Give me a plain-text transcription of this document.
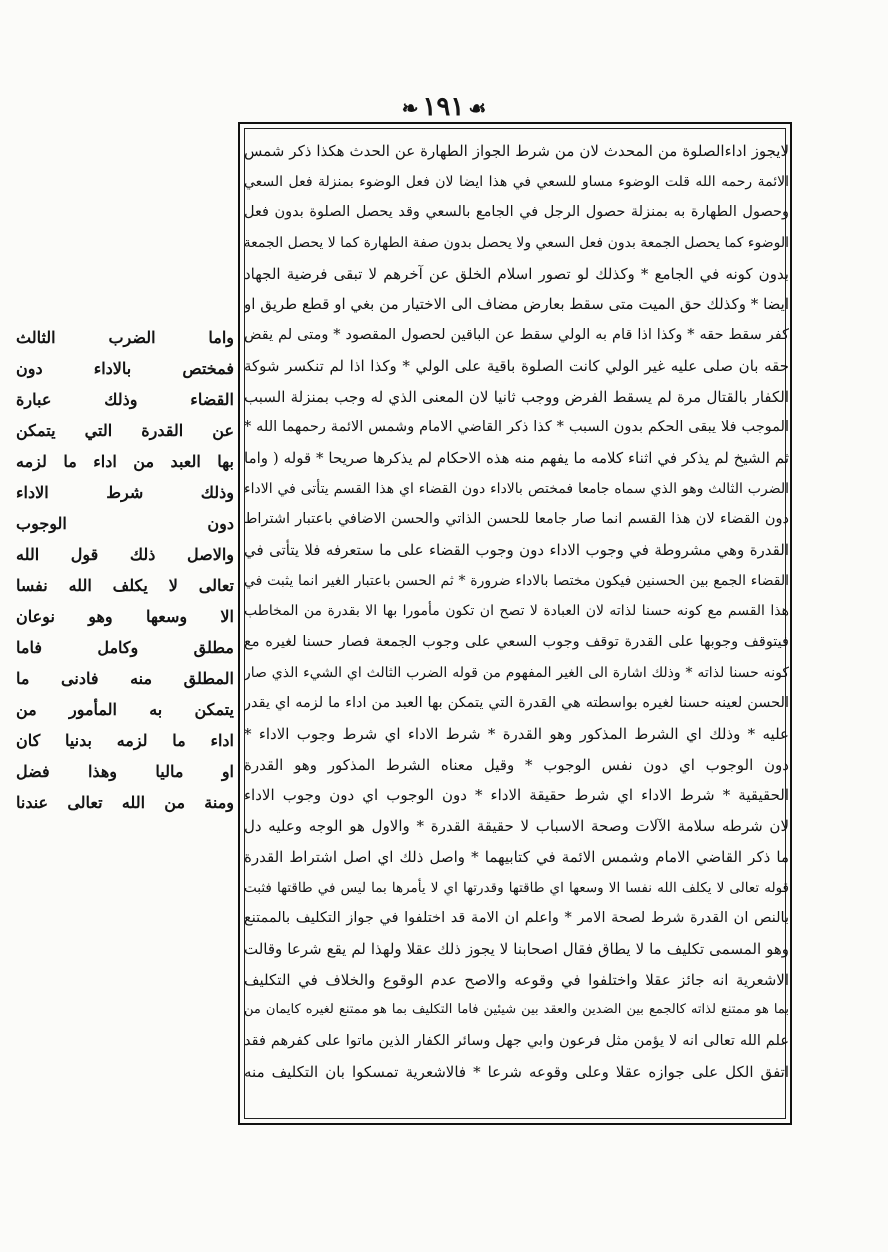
❧ ١٩١ ☙
لايجوز اداءالصلوة من المحدث لان من شرط الجواز الطهارة عن الحدث هكذا ذكر شمس
الائمة رحمه الله قلت الوضوء مساو للسعي في هذا ايضا لان فعل الوضوء بمنزلة فعل السعي
وحصول الطهارة به بمنزلة حصول الرجل في الجامع بالسعي وقد يحصل الصلوة بدون فعل
الوضوء كما يحصل الجمعة بدون فعل السعي ولا يحصل بدون صفة الطهارة كما لا يحصل الجمعة
بدون كونه في الجامع * وكذلك لو تصور اسلام الخلق عن آخرهم لا تبقى فرضية الجهاد
ايضا * وكذلك حق الميت متى سقط بعارض مضاف الى الاختيار من بغي او قطع طريق او
كفر سقط حقه * وكذا اذا قام به الولي سقط عن الباقين لحصول المقصود * ومتى لم يقض
حقه بان صلى عليه غير الولي كانت الصلوة باقية على الولي * وكذا اذا لم تنكسر شوكة
الكفار بالقتال مرة لم يسقط الفرض ووجب ثانيا لان المعنى الذي له وجب بمنزلة السبب
الموجب فلا يبقى الحكم بدون السبب * كذا ذكر القاضي الامام وشمس الائمة رحمهما الله *
ثم الشيخ لم يذكر في اثناء كلامه ما يفهم منه هذه الاحكام لم يذكرها صريحا * قوله ( واما
الضرب الثالث وهو الذي سماه جامعا فمختص بالاداء دون القضاء اي هذا القسم يتأتى في الاداء
دون القضاء لان هذا القسم انما صار جامعا للحسن الذاتي والحسن الاضافي باعتبار اشتراط
القدرة وهي مشروطة في وجوب الاداء دون وجوب القضاء على ما ستعرفه فلا يتأتى في
القضاء الجمع بين الحسنين فيكون مختصا بالاداء ضرورة * ثم الحسن باعتبار الغير انما يثبت في
هذا القسم مع كونه حسنا لذاته لان العبادة لا تصح ان تكون مأمورا بها الا بقدرة من المخاطب
فيتوقف وجوبها على القدرة توقف وجوب السعي على وجوب الجمعة فصار حسنا لغيره مع
كونه حسنا لذاته * وذلك اشارة الى الغير المفهوم من قوله الضرب الثالث اي الشيء الذي صار
الحسن لعينه حسنا لغيره بواسطته هي القدرة التي يتمكن بها العبد من اداء ما لزمه اي يقدر
عليه * وذلك اي الشرط المذكور وهو القدرة * شرط الاداء اي شرط وجوب الاداء *
دون الوجوب اي دون نفس الوجوب * وقيل معناه الشرط المذكور وهو القدرة
الحقيقية * شرط الاداء اي شرط حقيقة الاداء * دون الوجوب اي دون وجوب الاداء
لان شرطه سلامة الآلات وصحة الاسباب لا حقيقة القدرة * والاول هو الوجه وعليه دل
ما ذكر القاضي الامام وشمس الائمة في كتابيهما * واصل ذلك اي اصل اشتراط القدرة
قوله تعالى لا يكلف الله نفسا الا وسعها اي طاقتها وقدرتها اي لا يأمرها بما ليس في طاقتها فثبت
بالنص ان القدرة شرط لصحة الامر * واعلم ان الامة قد اختلفوا في جواز التكليف بالممتنع
وهو المسمى تكليف ما لا يطاق فقال اصحابنا لا يجوز ذلك عقلا ولهذا لم يقع شرعا وقالت
الاشعرية انه جائز عقلا واختلفوا في وقوعه والاصح عدم الوقوع والخلاف في التكليف
بما هو ممتنع لذاته كالجمع بين الضدين والعقد بين شيئين فاما التكليف بما هو ممتنع لغيره كايمان من
علم الله تعالى انه لا يؤمن مثل فرعون وابي جهل وسائر الكفار الذين ماتوا على كفرهم فقد
اتفق الكل على جوازه عقلا وعلى وقوعه شرعا * فالاشعرية تمسكوا بان التكليف منه
واما الضرب الثالث
فمختص بالاداء دون
القضاء وذلك عبارة
عن القدرة التي يتمكن
بها العبد من اداء ما لزمه
وذلك شرط الاداء
دون الوجوب
والاصل ذلك قول الله
تعالى لا يكلف الله نفسا
الا وسعها وهو نوعان
مطلق وكامل فاما
المطلق منه فادنى ما
يتمكن به المأمور من
اداء ما لزمه بدنيا كان
او ماليا وهذا فضل
ومنة من الله تعالى عندنا
